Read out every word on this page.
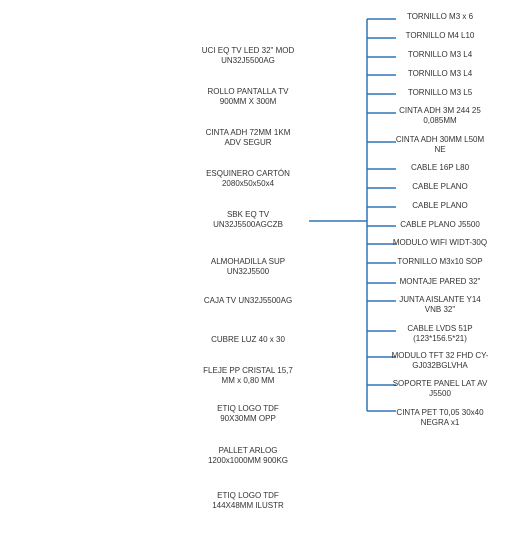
UCI EQ TV LED 32" MOD
UN32J5500AG
ROLLO PANTALLA TV
900MM X 300M
CINTA ADH 72MM 1KM
ADV SEGUR
ESQUINERO CARTÓN
2080x50x50x4
SBK EQ TV
UN32J5500AGCZB
ALMOHADILLA SUP
UN32J5500
CAJA TV UN32J5500AG
CUBRE LUZ 40 x 30
FLEJE PP CRISTAL 15,7
MM x 0,80 MM
ETIQ LOGO TDF
90X30MM OPP
PALLET ARLOG
1200x1000MM 900KG
ETIQ LOGO TDF
144X48MM ILUSTR
TORNILLO M3 x 6
TORNILLO M4 L10
TORNILLO M3 L4
TORNILLO M3 L4
TORNILLO M3 L5
CINTA ADH 3M 244 25
0,085MM
CINTA ADH 30MM L50M
NE
CABLE 16P L80
CABLE PLANO
CABLE PLANO
CABLE PLANO J5500
MODULO WIFI WIDT-30Q
TORNILLO M3x10 SOP
MONTAJE PARED 32"
JUNTA AISLANTE Y14
VNB 32"
CABLE LVDS 51P
(123*156.5*21)
MODULO TFT 32 FHD CY-
GJ032BGLVHA
SOPORTE PANEL LAT AV
J5500
CINTA PET T0,05 30x40
NEGRA x1
